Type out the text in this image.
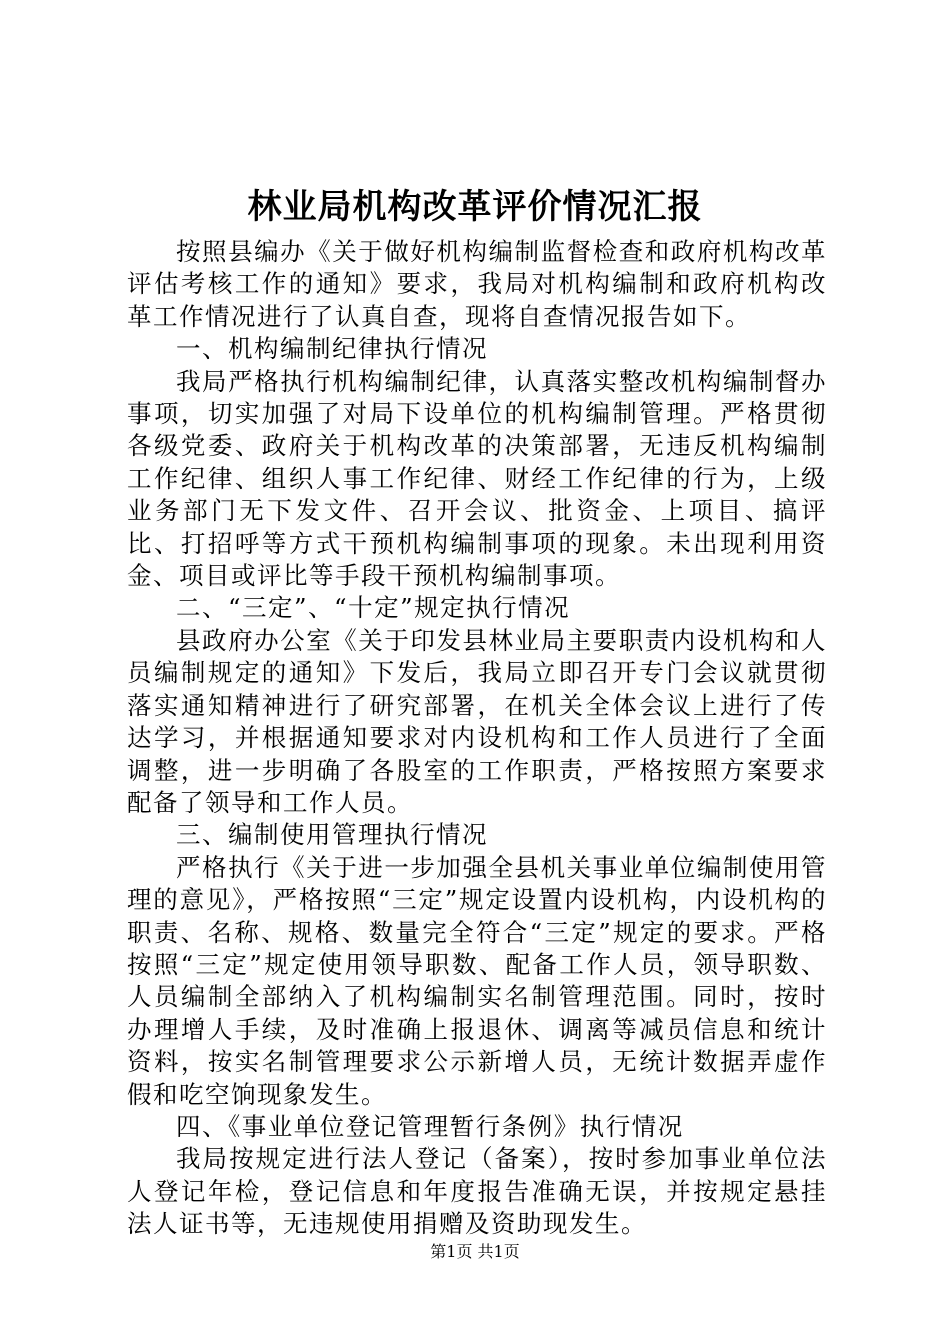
林业局机构改革评价情况汇报

按照县编办《关于做好机构编制监督检查和政府机构改革评估考核工作的通知》要求，我局对机构编制和政府机构改革工作情况进行了认真自查，现将自查情况报告如下。

一、机构编制纪律执行情况

我局严格执行机构编制纪律，认真落实整改机构编制督办事项，切实加强了对局下设单位的机构编制管理。严格贯彻各级党委、政府关于机构改革的决策部署，无违反机构编制工作纪律、组织人事工作纪律、财经工作纪律的行为，上级业务部门无下发文件、召开会议、批资金、上项目、搞评比、打招呼等方式干预机构编制事项的现象。未出现利用资金、项目或评比等手段干预机构编制事项。

二、“三定”、“十定”规定执行情况

县政府办公室《关于印发县林业局主要职责内设机构和人员编制规定的通知》下发后，我局立即召开专门会议就贯彻落实通知精神进行了研究部署，在机关全体会议上进行了传达学习，并根据通知要求对内设机构和工作人员进行了全面调整，进一步明确了各股室的工作职责，严格按照方案要求配备了领导和工作人员。

三、编制使用管理执行情况

严格执行《关于进一步加强全县机关事业单位编制使用管理的意见》，严格按照“三定”规定设置内设机构，内设机构的职责、名称、规格、数量完全符合“三定”规定的要求。严格按照“三定”规定使用领导职数、配备工作人员，领导职数、人员编制全部纳入了机构编制实名制管理范围。同时，按时办理增人手续，及时准确上报退休、调离等减员信息和统计资料，按实名制管理要求公示新增人员，无统计数据弄虚作假和吃空饷现象发生。

四、《事业单位登记管理暂行条例》执行情况

我局按规定进行法人登记（备案），按时参加事业单位法人登记年检，登记信息和年度报告准确无误，并按规定悬挂法人证书等，无违规使用捐赠及资助现发生。

第1页 共1页
